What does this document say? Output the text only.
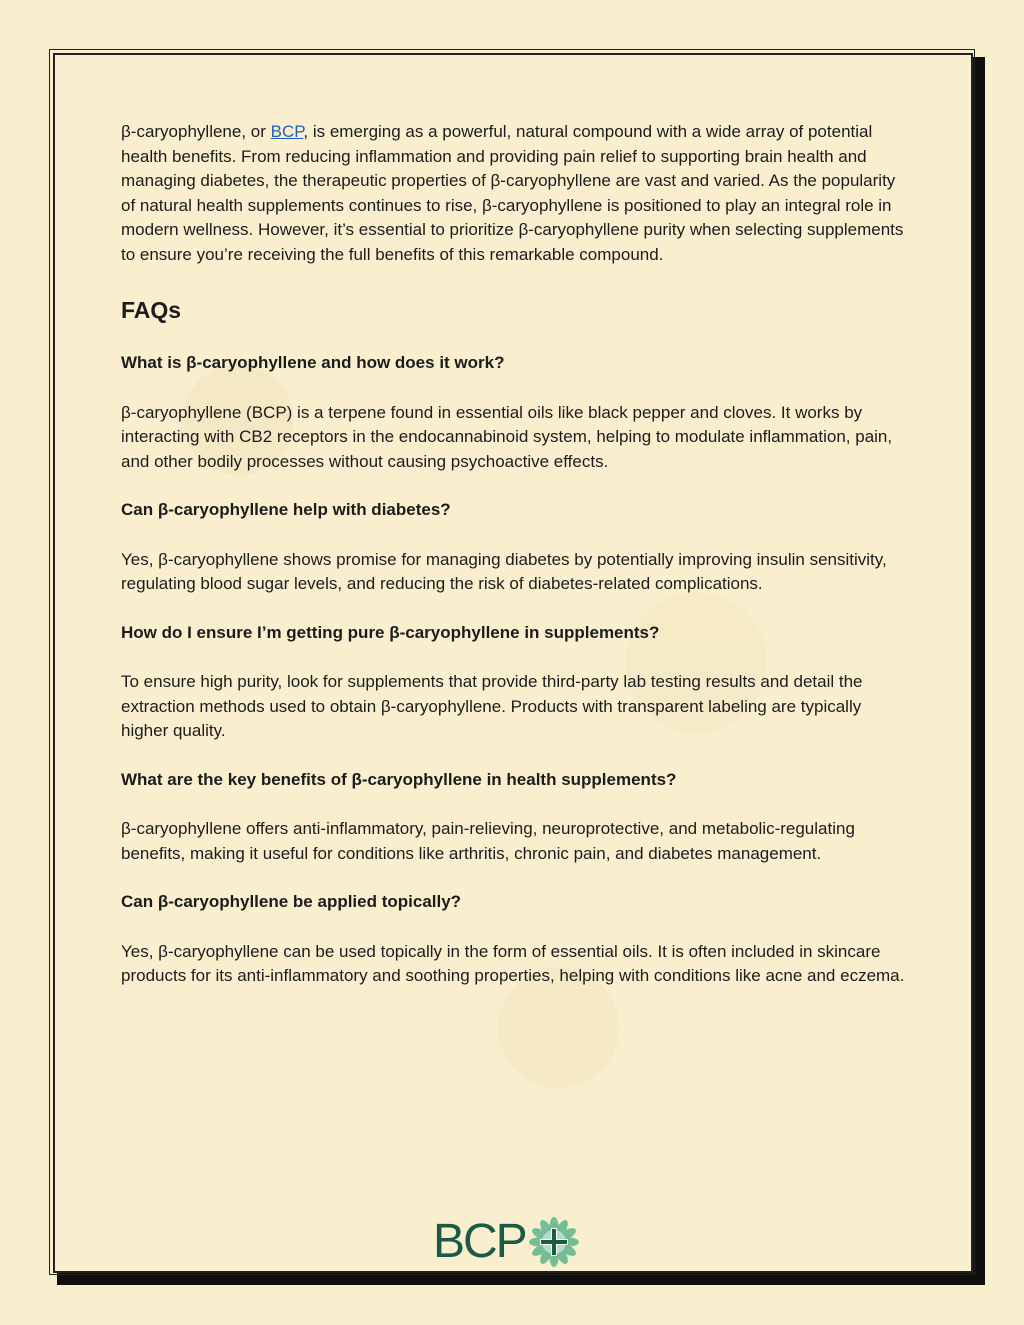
β-caryophyllene, or BCP, is emerging as a powerful, natural compound with a wide array of potential health benefits. From reducing inflammation and providing pain relief to supporting brain health and managing diabetes, the therapeutic properties of β-caryophyllene are vast and varied. As the popularity of natural health supplements continues to rise, β-caryophyllene is positioned to play an integral role in modern wellness. However, it’s essential to prioritize β-caryophyllene purity when selecting supplements to ensure you’re receiving the full benefits of this remarkable compound.

FAQs

What is β-caryophyllene and how does it work?

β-caryophyllene (BCP) is a terpene found in essential oils like black pepper and cloves. It works by interacting with CB2 receptors in the endocannabinoid system, helping to modulate inflammation, pain, and other bodily processes without causing psychoactive effects.

Can β-caryophyllene help with diabetes?

Yes, β-caryophyllene shows promise for managing diabetes by potentially improving insulin sensitivity, regulating blood sugar levels, and reducing the risk of diabetes-related complications.

How do I ensure I’m getting pure β-caryophyllene in supplements?

To ensure high purity, look for supplements that provide third-party lab testing results and detail the extraction methods used to obtain β-caryophyllene. Products with transparent labeling are typically higher quality.

What are the key benefits of β-caryophyllene in health supplements?

β-caryophyllene offers anti-inflammatory, pain-relieving, neuroprotective, and metabolic-regulating benefits, making it useful for conditions like arthritis, chronic pain, and diabetes management.

Can β-caryophyllene be applied topically?

Yes, β-caryophyllene can be used topically in the form of essential oils. It is often included in skincare products for its anti-inflammatory and soothing properties, helping with conditions like acne and eczema.

BCP
